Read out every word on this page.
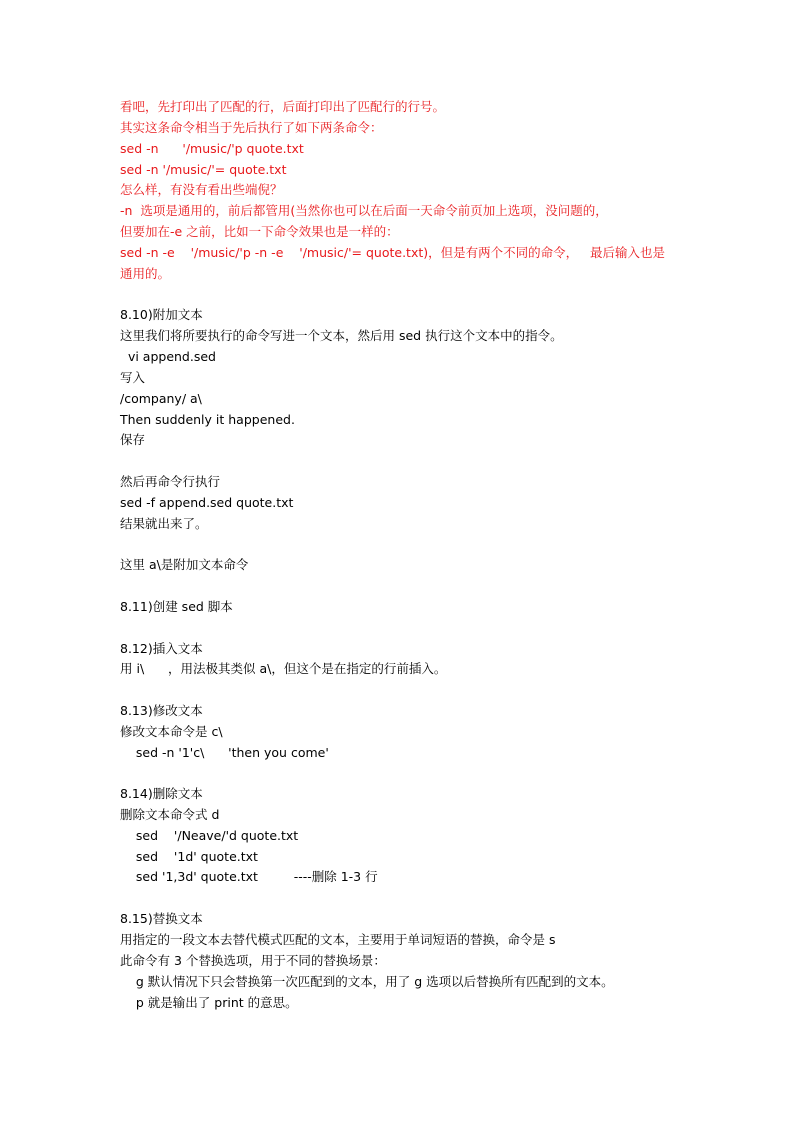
看吧，先打印出了匹配的行，后面打印出了匹配行的行号。
其实这条命令相当于先后执行了如下两条命令：
sed -n      '/music/'p quote.txt
sed -n '/music/'= quote.txt
怎么样，有没有看出些端倪？
-n  选项是通用的，前后都管用(当然你也可以在后面一天命令前页加上选项，没问题的，
但要加在-e 之前，比如一下命令效果也是一样的：
sed -n -e    '/music/'p -n -e    '/music/'= quote.txt)，但是有两个不同的命令，   最后输入也是
通用的。
8.10)附加文本
这里我们将所要执行的命令写进一个文本，然后用 sed 执行这个文本中的指令。
vi append.sed
写入
/company/ a\
Then suddenly it happened.
保存
然后再命令行执行
sed -f append.sed quote.txt
结果就出来了。
这里 a\是附加文本命令
8.11)创建 sed 脚本
8.12)插入文本
用 i\      ，用法极其类似 a\，但这个是在指定的行前插入。
8.13)修改文本
修改文本命令是 c\
sed -n '1'c\      'then you come'
8.14)删除文本
删除文本命令式 d
sed    '/Neave/'d quote.txt
sed    '1d' quote.txt
sed '1,3d' quote.txt         ----删除 1-3 行
8.15)替换文本
用指定的一段文本去替代模式匹配的文本，主要用于单词短语的替换，命令是 s
此命令有 3 个替换选项，用于不同的替换场景：
g 默认情况下只会替换第一次匹配到的文本，用了 g 选项以后替换所有匹配到的文本。
p 就是输出了 print 的意思。
